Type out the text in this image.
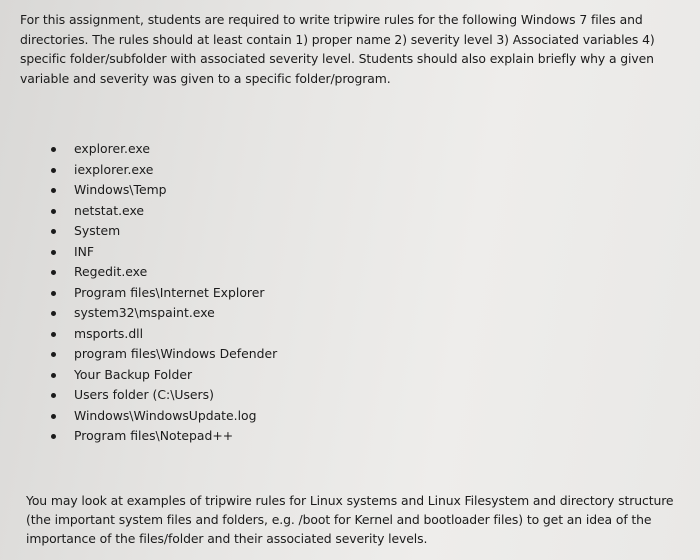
For this assignment, students are required to write tripwire rules for the following Windows 7 files and directories. The rules should at least contain 1) proper name 2) severity level 3) Associated variables 4) specific folder/subfolder with associated severity level. Students should also explain briefly why a given variable and severity was given to a specific folder/program.

explorer.exe
iexplorer.exe
Windows\Temp
netstat.exe
System
INF
Regedit.exe
Program files\Internet Explorer
system32\mspaint.exe
msports.dll
program files\Windows Defender
Your Backup Folder
Users folder (C:\Users)
Windows\WindowsUpdate.log
Program files\Notepad++

You may look at examples of tripwire rules for Linux systems and Linux Filesystem and directory structure (the important system files and folders, e.g. /boot for Kernel and bootloader files) to get an idea of the importance of the files/folder and their associated severity levels.
